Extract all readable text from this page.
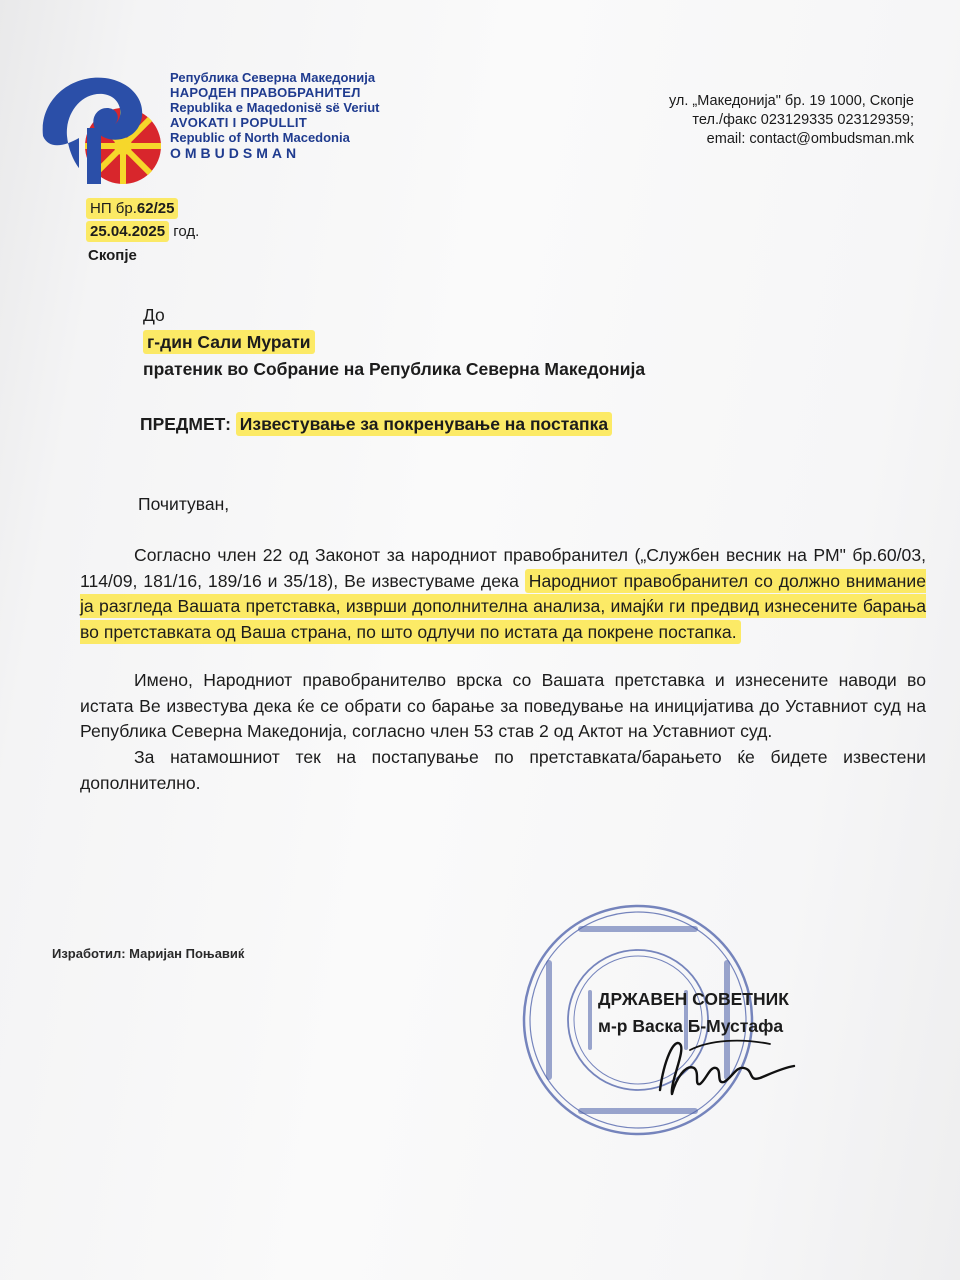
Република Северна Македонија
НАРОДЕН ПРАВОБРАНИТЕЛ
Republika e Maqedonisë së Veriut
AVOKATI I POPULLIT
Republic of North Macedonia
OMBUDSMAN
ул. „Македонија" бр. 19 1000, Скопје
тел./факс 023129335 023129359;
email: contact@ombudsman.mk
НП бр.62/25
25.04.2025 год.
Скопје
До
г-дин Сали Мурати
пратеник во Собрание на Република Северна Македонија
ПРЕДМЕТ: Известување за покренување на постапка
Почитуван,
Согласно член 22 од Законот за народниот правобранител („Службен весник на РМ" бр.60/03, 114/09, 181/16, 189/16 и 35/18), Ве известуваме дека Народниот правобранител со должно внимание ја разгледа Вашата претставка, изврши дополнителна анализа, имајќи ги предвид изнесените барања во претставката од Ваша страна, по што одлучи по истата да покрене постапка.
Имено, Народниот правобранителво врска со Вашата претставка и изнесените наводи во истата Ве известува дека ќе се обрати со барање за поведување на иницијатива до Уставниот суд на Република Северна Македонија, согласно член 53 став 2 од Актот на Уставниот суд.
За натамошниот тек на постапување по претставката/барањето ќе бидете известени дополнително.
Изработил: Маријан Поњавиќ
ДРЖАВЕН СОВЕТНИК
м-р Васка Б-Мустафа
